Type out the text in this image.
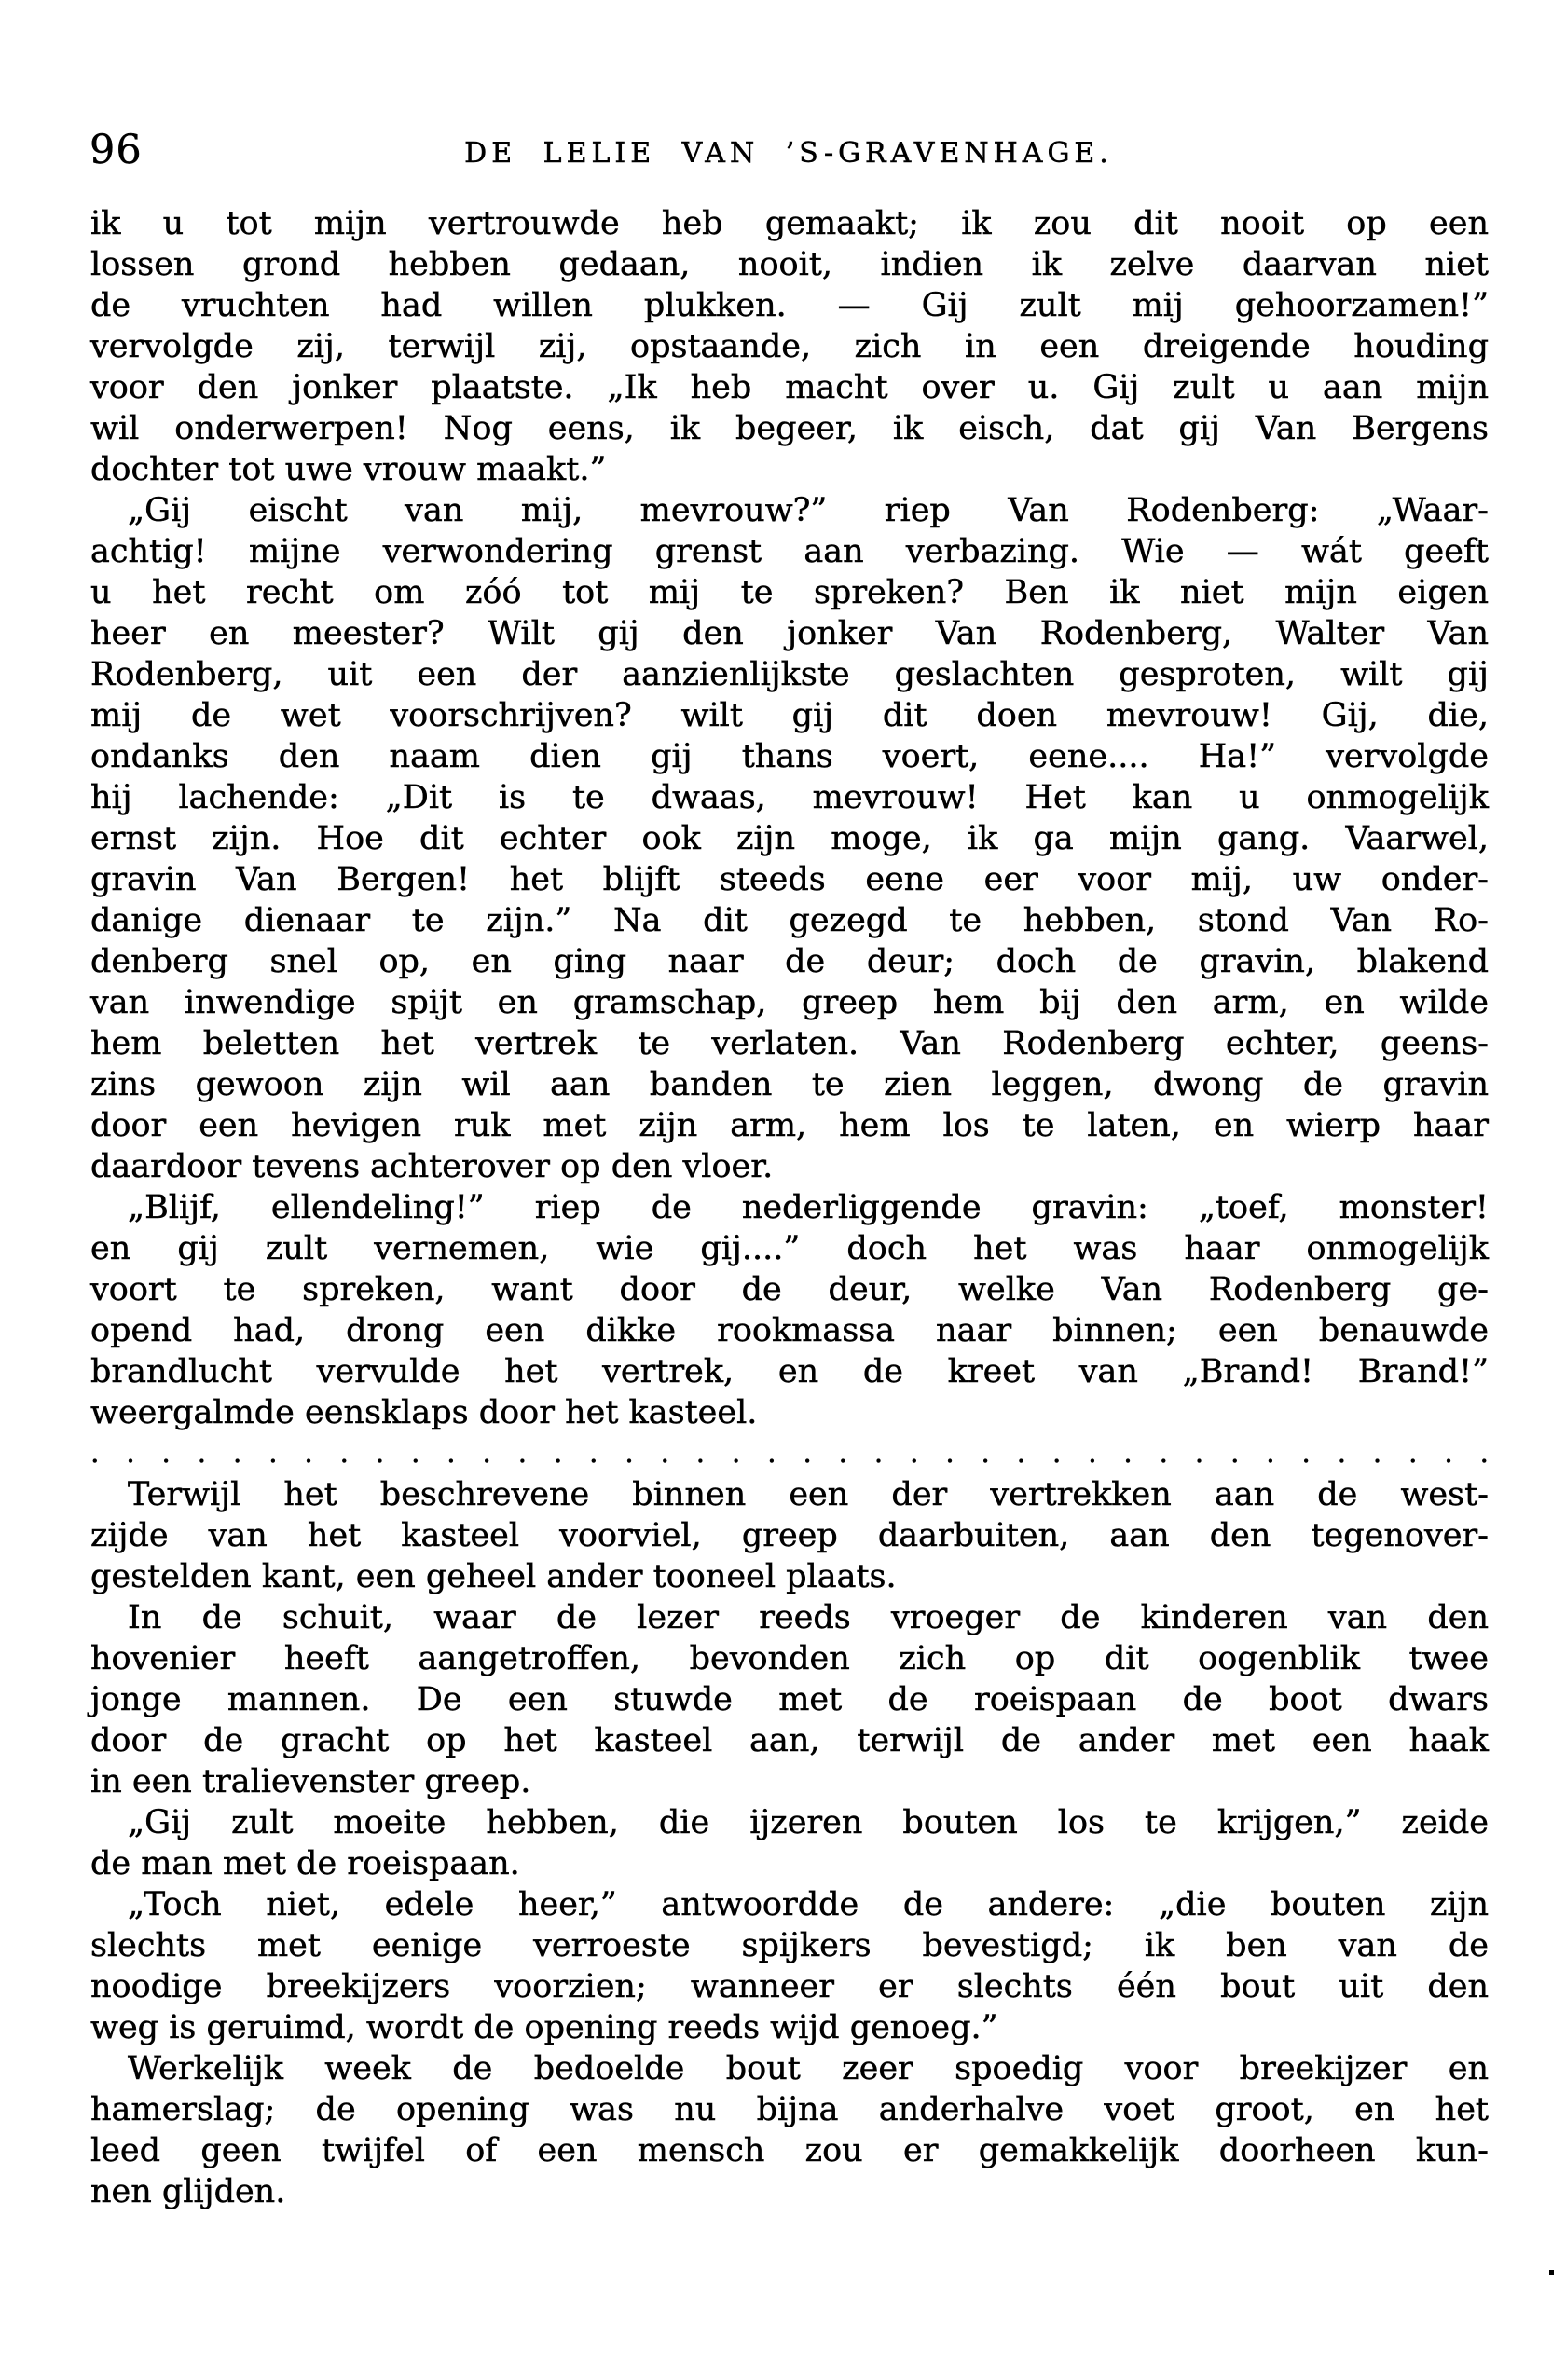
96	DE LELIE VAN ’S-GRAVENHAGE.
ik u tot mijn vertrouwde heb gemaakt; ik zou dit nooit op een
lossen grond hebben gedaan, nooit, indien ik zelve daarvan niet
de vruchten had willen plukken. — Gij zult mij gehoorzamen!”
vervolgde zij, terwijl zij, opstaande, zich in een dreigende houding
voor den jonker plaatste. „Ik heb macht over u. Gij zult u aan mijn
wil onderwerpen! Nog eens, ik begeer, ik eisch, dat gij Van Bergens
dochter tot uwe vrouw maakt.”
„Gij eischt van mij, mevrouw?” riep Van Rodenberg: „Waar-
achtig! mijne verwondering grenst aan verbazing. Wie — wát geeft
u het recht om zóó tot mij te spreken? Ben ik niet mijn eigen
heer en meester? Wilt gij den jonker Van Rodenberg, Walter Van
Rodenberg, uit een der aanzienlijkste geslachten gesproten, wilt gij
mij de wet voorschrijven? wilt gij dit doen mevrouw! Gij, die,
ondanks den naam dien gij thans voert, eene.... Ha!” vervolgde
hij lachende: „Dit is te dwaas, mevrouw! Het kan u onmogelijk
ernst zijn. Hoe dit echter ook zijn moge, ik ga mijn gang. Vaarwel,
gravin Van Bergen! het blijft steeds eene eer voor mij, uw onder-
danige dienaar te zijn.” Na dit gezegd te hebben, stond Van Ro-
denberg snel op, en ging naar de deur; doch de gravin, blakend
van inwendige spijt en gramschap, greep hem bij den arm, en wilde
hem beletten het vertrek te verlaten. Van Rodenberg echter, geens-
zins gewoon zijn wil aan banden te zien leggen, dwong de gravin
door een hevigen ruk met zijn arm, hem los te laten, en wierp haar
daardoor tevens achterover op den vloer.
„Blijf, ellendeling!” riep de nederliggende gravin: „toef, monster!
en gij zult vernemen, wie gij....” doch het was haar onmogelijk
voort te spreken, want door de deur, welke Van Rodenberg ge-
opend had, drong een dikke rookmassa naar binnen; een benauwde
brandlucht vervulde het vertrek, en de kreet van „Brand! Brand!”
weergalmde eensklaps door het kasteel.
. . . . . . . . . . . . . . . . . . . . . . . . . . . . . . . . . . . . . . . .
Terwijl het beschrevene binnen een der vertrekken aan de west-
zijde van het kasteel voorviel, greep daarbuiten, aan den tegenover-
gestelden kant, een geheel ander tooneel plaats.
In de schuit, waar de lezer reeds vroeger de kinderen van den
hovenier heeft aangetroffen, bevonden zich op dit oogenblik twee
jonge mannen. De een stuwde met de roeispaan de boot dwars
door de gracht op het kasteel aan, terwijl de ander met een haak
in een tralievenster greep.
„Gij zult moeite hebben, die ijzeren bouten los te krijgen,” zeide
de man met de roeispaan.
„Toch niet, edele heer,” antwoordde de andere: „die bouten zijn
slechts met eenige verroeste spijkers bevestigd; ik ben van de
noodige breekijzers voorzien; wanneer er slechts één bout uit den
weg is geruimd, wordt de opening reeds wijd genoeg.”
Werkelijk week de bedoelde bout zeer spoedig voor breekijzer en
hamerslag; de opening was nu bijna anderhalve voet groot, en het
leed geen twijfel of een mensch zou er gemakkelijk doorheen kun-
nen glijden.
